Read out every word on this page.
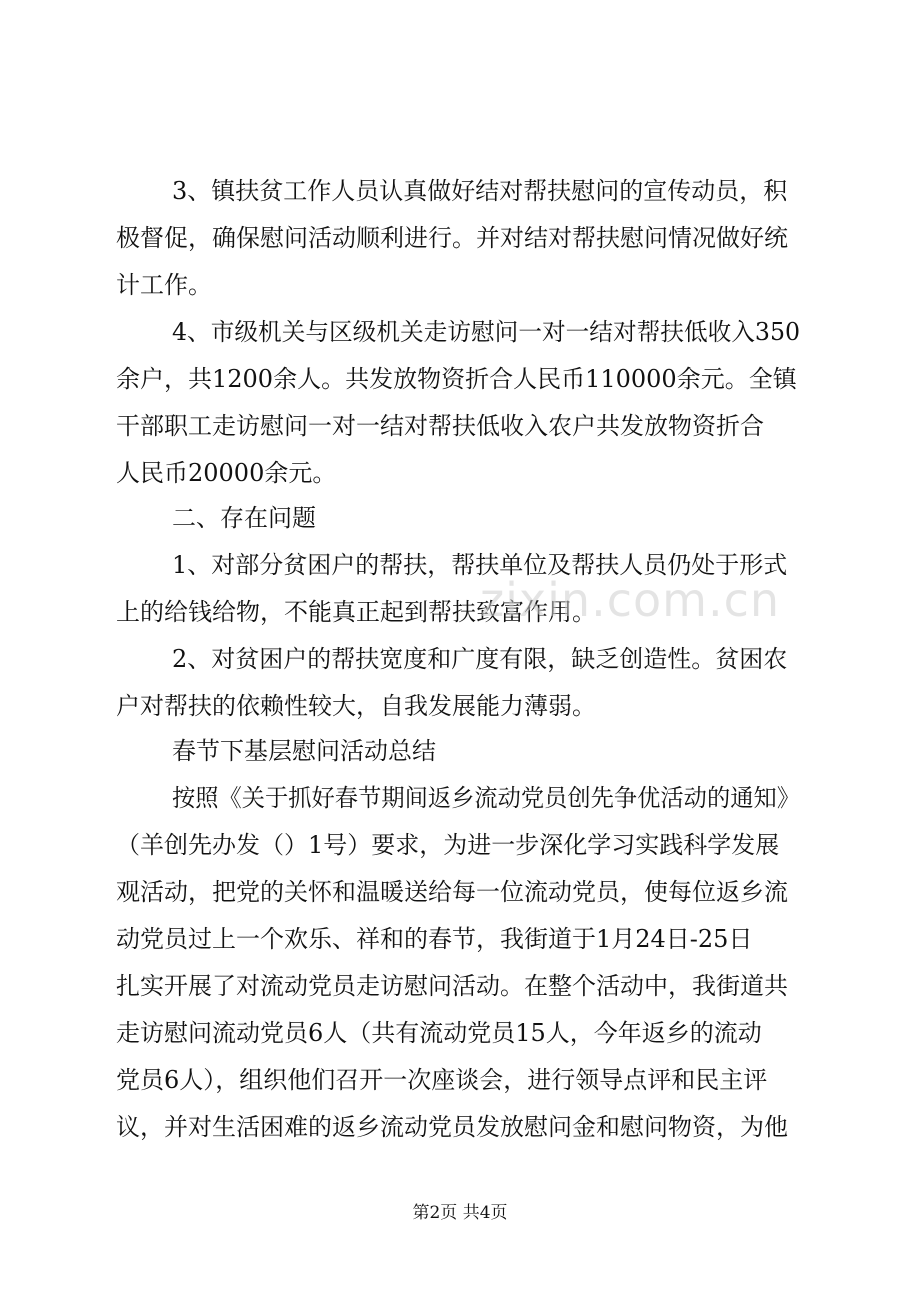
3、镇扶贫工作人员认真做好结对帮扶慰问的宣传动员，积
极督促，确保慰问活动顺利进行。并对结对帮扶慰问情况做好统
计工作。
4、市级机关与区级机关走访慰问一对一结对帮扶低收入350
余户，共1200余人。共发放物资折合人民币110000余元。全镇
干部职工走访慰问一对一结对帮扶低收入农户共发放物资折合
人民币20000余元。
二、存在问题
1、对部分贫困户的帮扶，帮扶单位及帮扶人员仍处于形式
上的给钱给物，不能真正起到帮扶致富作用。
2、对贫困户的帮扶宽度和广度有限，缺乏创造性。贫困农
户对帮扶的依赖性较大，自我发展能力薄弱。
春节下基层慰问活动总结
按照《关于抓好春节期间返乡流动党员创先争优活动的通知》
（羊创先办发（）1号）要求，为进一步深化学习实践科学发展
观活动，把党的关怀和温暖送给每一位流动党员，使每位返乡流
动党员过上一个欢乐、祥和的春节，我街道于1月24日-25日
扎实开展了对流动党员走访慰问活动。在整个活动中，我街道共
走访慰问流动党员6人（共有流动党员15人，今年返乡的流动
党员6人），组织他们召开一次座谈会，进行领导点评和民主评
议，并对生活困难的返乡流动党员发放慰问金和慰问物资，为他
zixin.com.cn
第2页 共4页
